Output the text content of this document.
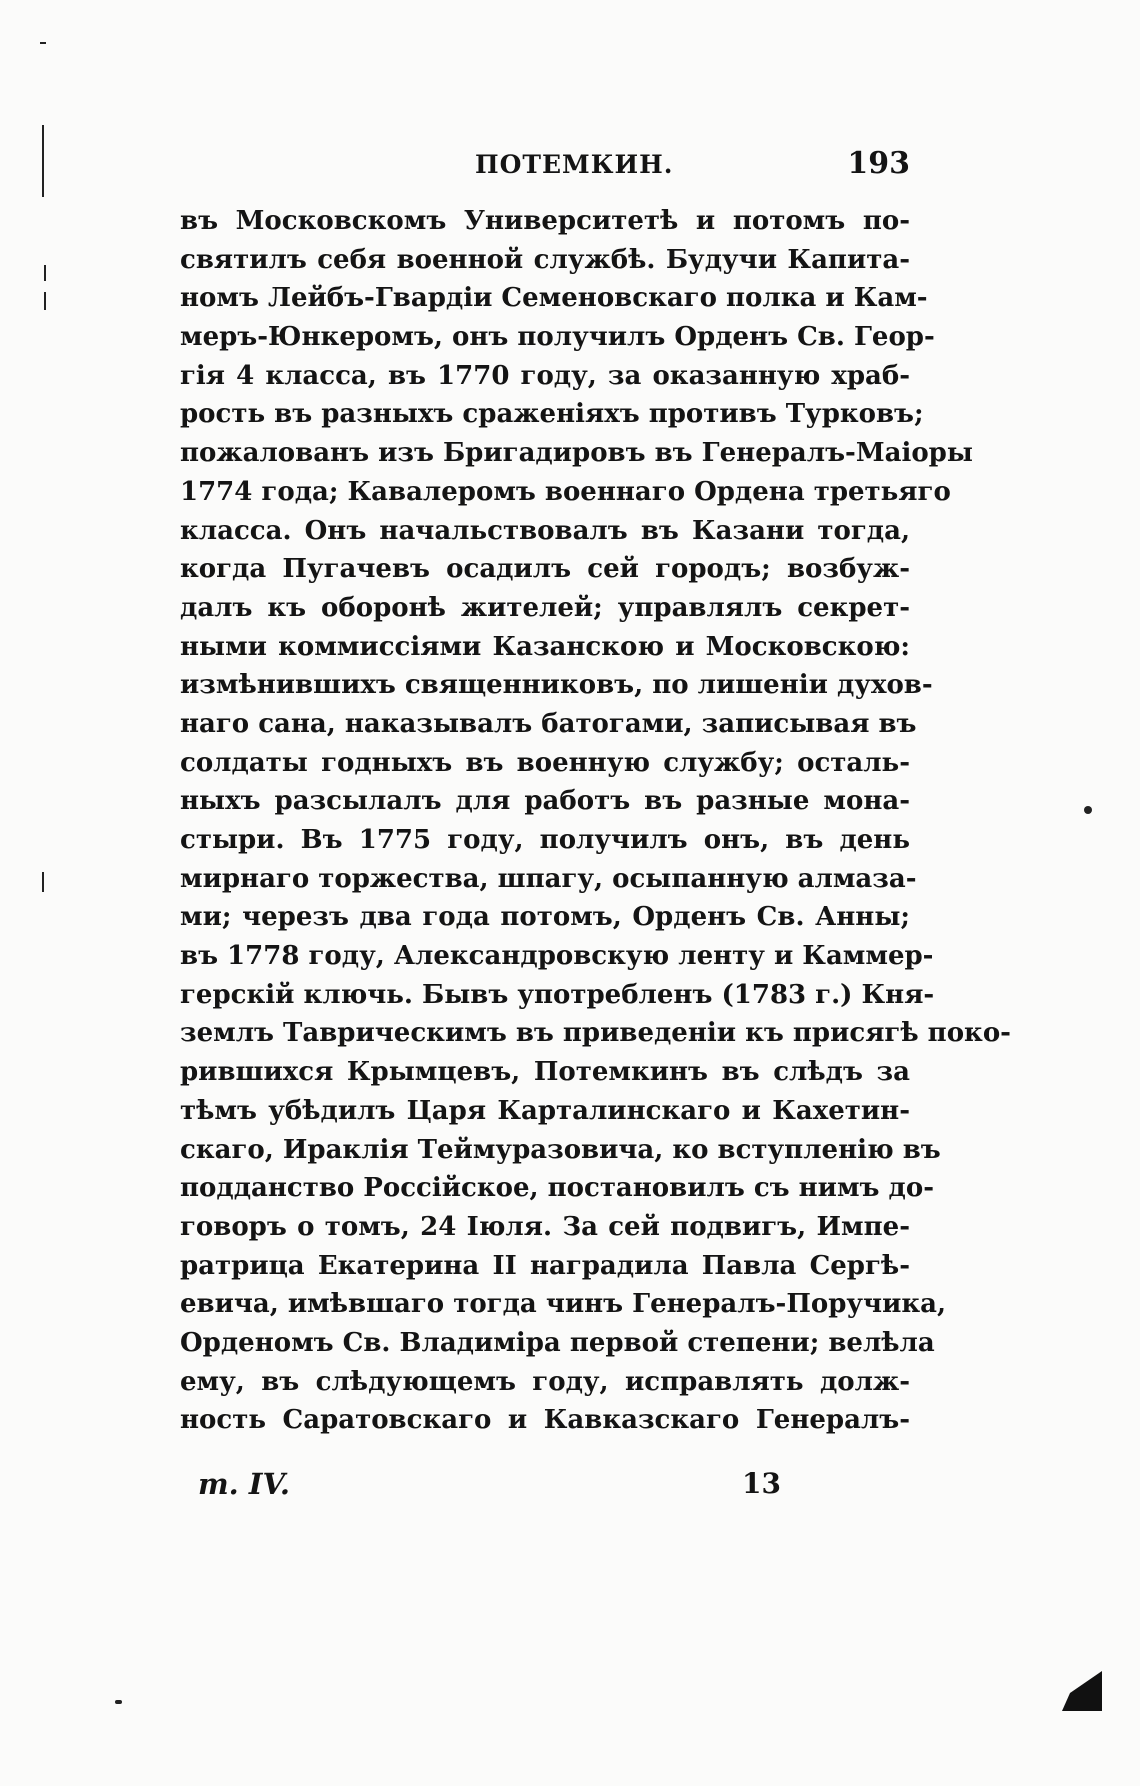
ПОТЕМКИН.	193
въ Московскомъ Университетѣ и потомъ по-
святилъ себя военной службѣ. Будучи Капита-
номъ Лейбъ-Гвардіи Семеновскаго полка и Кам-
меръ-Юнкеромъ, онъ получилъ Орденъ Св. Геор-
гія 4 класса, въ 1770 году, за оказанную храб-
рость въ разныхъ сраженіяхъ противъ Турковъ;
пожалованъ изъ Бригадировъ въ Генералъ-Маіоры
1774 года; Кавалеромъ военнаго Ордена третьяго
класса. Онъ начальствовалъ въ Казани тогда,
когда Пугачевъ осадилъ сей городъ; возбуж-
далъ къ оборонѣ жителей; управлялъ секрет-
ными коммиссіями Казанскою и Московскою:
измѣнившихъ священниковъ, по лишеніи духов-
наго сана, наказывалъ батогами, записывая въ
солдаты годныхъ въ военную службу; осталь-
ныхъ разсылалъ для работъ въ разные мона-
стыри. Въ 1775 году, получилъ онъ, въ день
мирнаго торжества, шпагу, осыпанную алмаза-
ми; черезъ два года потомъ, Орденъ Св. Анны;
въ 1778 году, Александровскую ленту и Каммер-
герскій ключь. Бывъ употребленъ (1783 г.) Кня-
землъ Таврическимъ въ приведеніи къ присягѣ поко-
рившихся Крымцевъ, Потемкинъ въ слѣдъ за
тѣмъ убѣдилъ Царя Карталинскаго и Кахетин-
скаго, Ираклія Теймуразовича, ко вступленію въ
подданство Россійское, постановилъ съ нимъ до-
говоръ о томъ, 24 Іюля. За сей подвигъ, Импе-
ратрица Екатерина II наградила Павла Сергѣ-
евича, имѣвшаго тогда чинъ Генералъ-Поручика,
Орденомъ Св. Владиміра первой степени; велѣла
ему, въ слѣдующемъ году, исправлять долж-
ность Саратовскаго и Кавказскаго Генералъ-
т. IV.	13
